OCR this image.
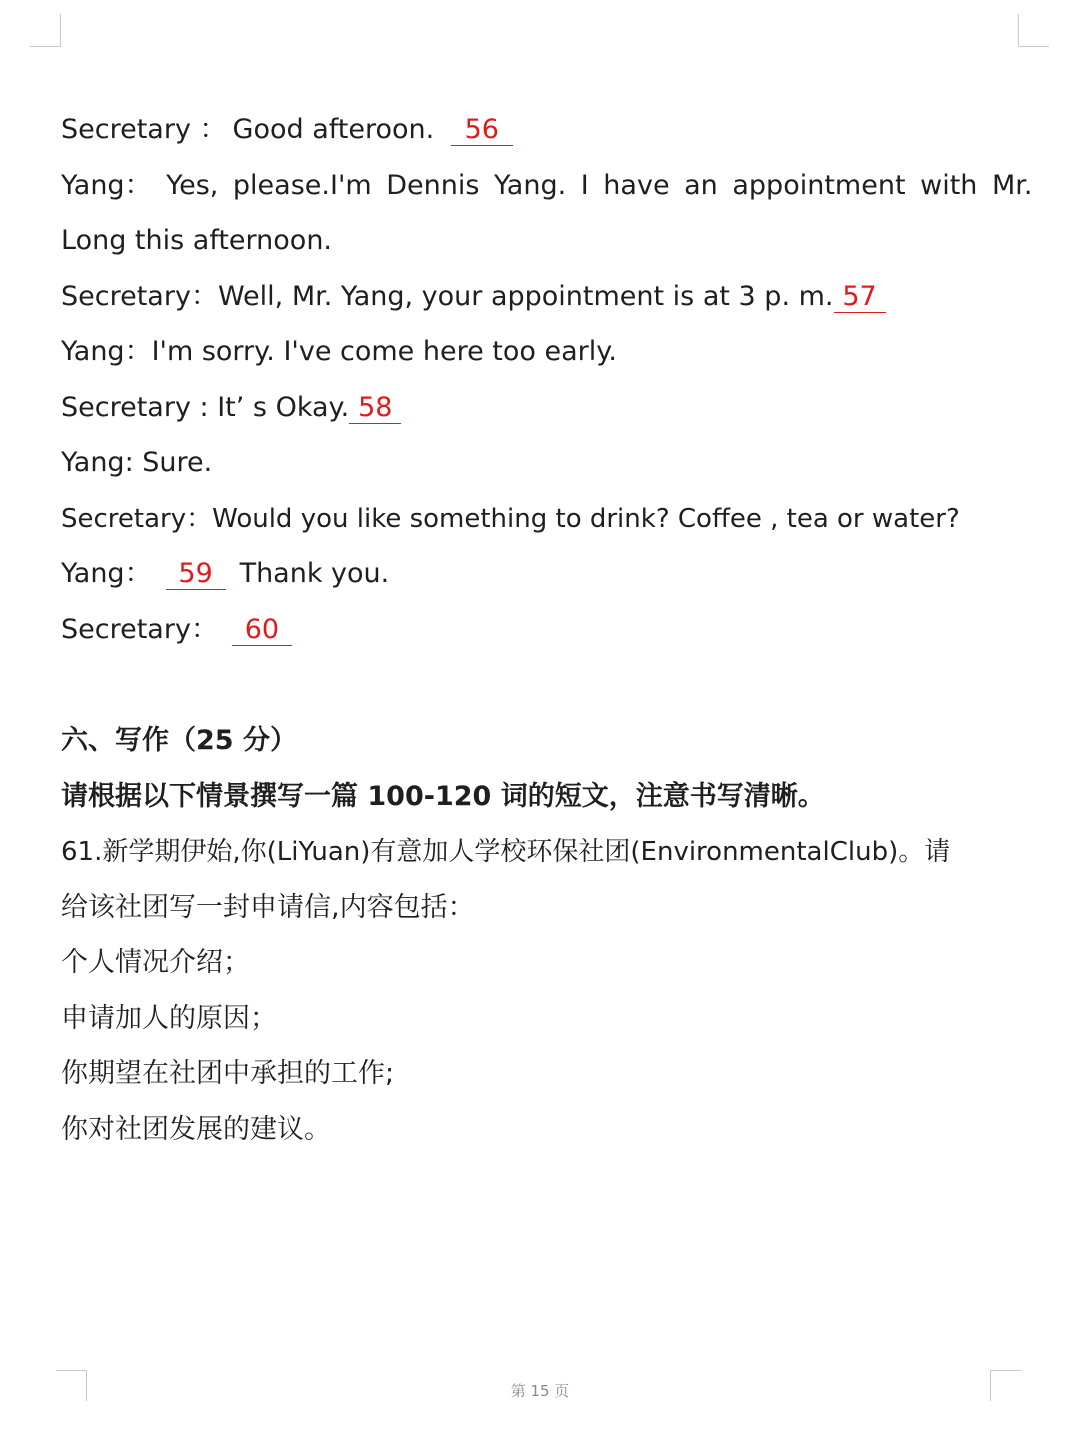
Secretary ： Good afteroon. 56
Yang： Yes, please.I'm Dennis Yang. I have an appointment with Mr.
Long this afternoon.
Secretary：Well, Mr. Yang, your appointment is at 3 p. m. 57
Yang：I'm sorry. I've come here too early.
Secretary : It’ s Okay. 58
Yang: Sure.
Secretary：Would you like something to drink? Coffee , tea or water?
Yang： 59 Thank you.
Secretary： 60
六、写作（25 分）
请根据以下情景撰写一篇 100-120 词的短文，注意书写清晰。
61.新学期伊始,你(LiYuan)有意加人学校环保社团(EnvironmentalClub)。请
给该社团写一封申请信,内容包括：
个人情况介绍；
申请加人的原因；
你期望在社团中承担的工作;
你对社团发展的建议。
第 15 页
